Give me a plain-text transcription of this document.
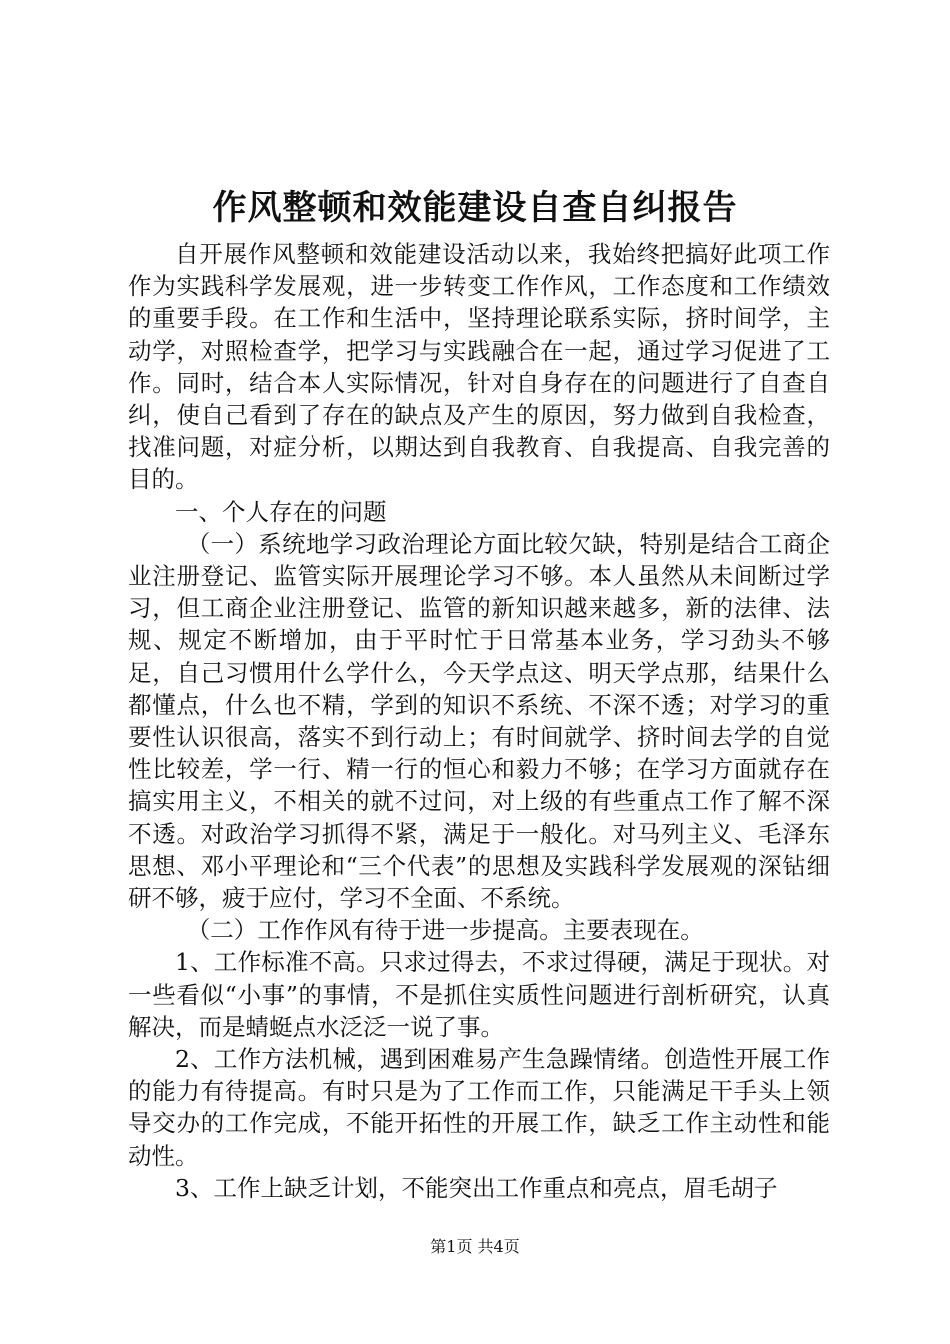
作风整顿和效能建设自查自纠报告

自开展作风整顿和效能建设活动以来，我始终把搞好此项工作作为实践科学发展观，进一步转变工作作风，工作态度和工作绩效的重要手段。在工作和生活中，坚持理论联系实际，挤时间学，主动学，对照检查学，把学习与实践融合在一起，通过学习促进了工作。同时，结合本人实际情况，针对自身存在的问题进行了自查自纠，使自己看到了存在的缺点及产生的原因，努力做到自我检查，找准问题，对症分析，以期达到自我教育、自我提高、自我完善的目的。

一、个人存在的问题

（一）系统地学习政治理论方面比较欠缺，特别是结合工商企业注册登记、监管实际开展理论学习不够。本人虽然从未间断过学习，但工商企业注册登记、监管的新知识越来越多，新的法律、法规、规定不断增加，由于平时忙于日常基本业务，学习劲头不够足，自己习惯用什么学什么，今天学点这、明天学点那，结果什么都懂点，什么也不精，学到的知识不系统、不深不透；对学习的重要性认识很高，落实不到行动上；有时间就学、挤时间去学的自觉性比较差，学一行、精一行的恒心和毅力不够；在学习方面就存在搞实用主义，不相关的就不过问，对上级的有些重点工作了解不深不透。对政治学习抓得不紧，满足于一般化。对马列主义、毛泽东思想、邓小平理论和“三个代表”的思想及实践科学发展观的深钻细研不够，疲于应付，学习不全面、不系统。

（二）工作作风有待于进一步提高。主要表现在。

1、工作标准不高。只求过得去，不求过得硬，满足于现状。对一些看似“小事”的事情，不是抓住实质性问题进行剖析研究，认真解决，而是蜻蜓点水泛泛一说了事。

2、工作方法机械，遇到困难易产生急躁情绪。创造性开展工作的能力有待提高。有时只是为了工作而工作，只能满足干手头上领导交办的工作完成，不能开拓性的开展工作，缺乏工作主动性和能动性。

3、工作上缺乏计划，不能突出工作重点和亮点，眉毛胡子

第1页 共4页
